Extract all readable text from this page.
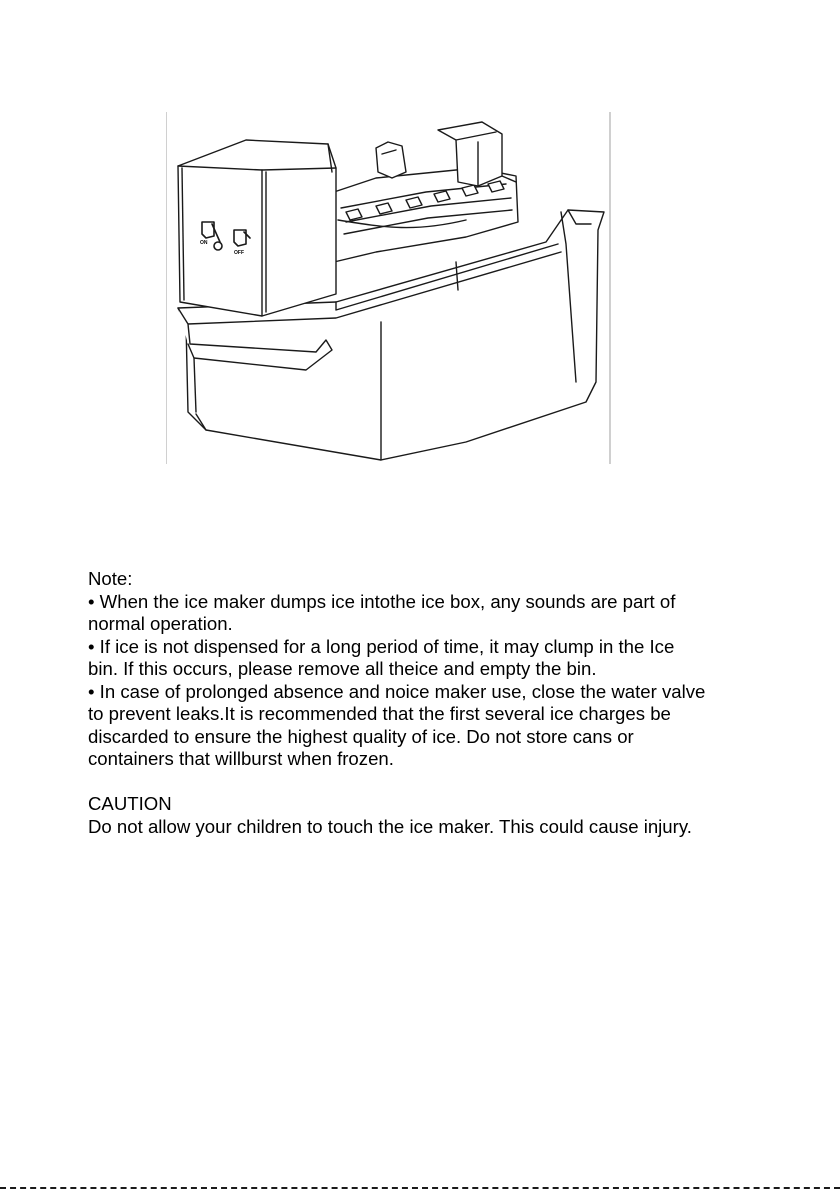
ON
OFF

Note:

• When the ice maker dumps ice intothe ice box, any sounds are part of

normal operation.

• If ice is not dispensed for a long period of time, it may clump in the Ice

bin. If this occurs, please remove all theice and empty the bin.

• In case of prolonged absence and noice maker use, close the water valve

to prevent leaks.It is recommended that the first several ice charges be

discarded to ensure the highest quality of ice. Do not store cans or

containers that willburst when frozen.

CAUTION

Do not allow your children to touch the ice maker. This could cause injury.
